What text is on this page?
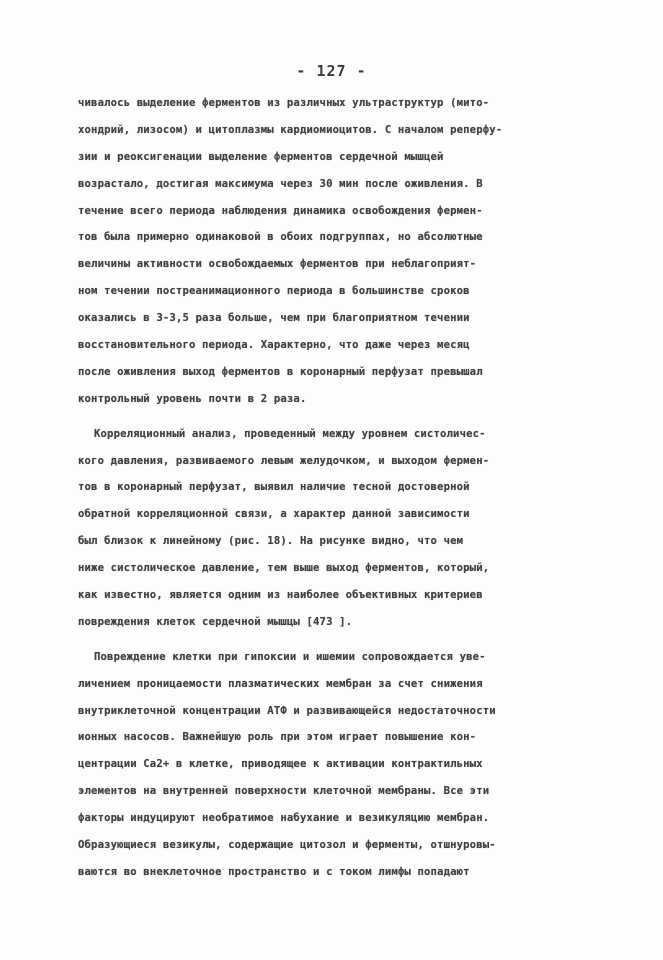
- 127 -
чивалось выделение ферментов из различных ультраструктур (мито-
хондрий, лизосом) и цитоплазмы кардиомиоцитов. С началом реперфу-
зии и реоксигенации выделение ферментов сердечной мышцей
возрастало, достигая максимума через 30 мин после оживления. В
течение всего периода наблюдения динамика освобождения фермен-
тов была примерно одинаковой в обоих подгруппах, но абсолютные
величины активности освобождаемых ферментов при неблагоприят-
ном течении постреанимационного периода в большинстве сроков
оказались в 3-3,5 раза больше, чем при благоприятном течении
восстановительного периода. Характерно, что даже через месяц
после оживления выход ферментов в коронарный перфузат превышал
контрольный уровень почти в 2 раза.
Корреляционный анализ, проведенный между уровнем систоличес-
кого давления, развиваемого левым желудочком, и выходом фермен-
тов в коронарный перфузат, выявил наличие тесной достоверной
обратной корреляционной связи, а характер данной зависимости
был близок к линейному (рис. 18). На рисунке видно, что чем
ниже систолическое давление, тем выше выход ферментов, который,
как известно, является одним из наиболее объективных критериев
повреждения клеток сердечной мышцы [473 ].
Повреждение клетки при гипоксии и ишемии сопровождается уве-
личением проницаемости плазматических мембран за счет снижения
внутриклеточной концентрации АТФ и развивающейся недостаточности
ионных насосов. Важнейшую роль при этом играет повышение кон-
центрации Ca2+ в клетке, приводящее к активации контрактильных
элементов на внутренней поверхности клеточной мембраны. Все эти
факторы индуцируют необратимое набухание и везикуляцию мембран.
Образующиеся везикулы, содержащие цитозол и ферменты, отшнуровы-
ваются во внеклеточное пространство и с током лимфы попадают
